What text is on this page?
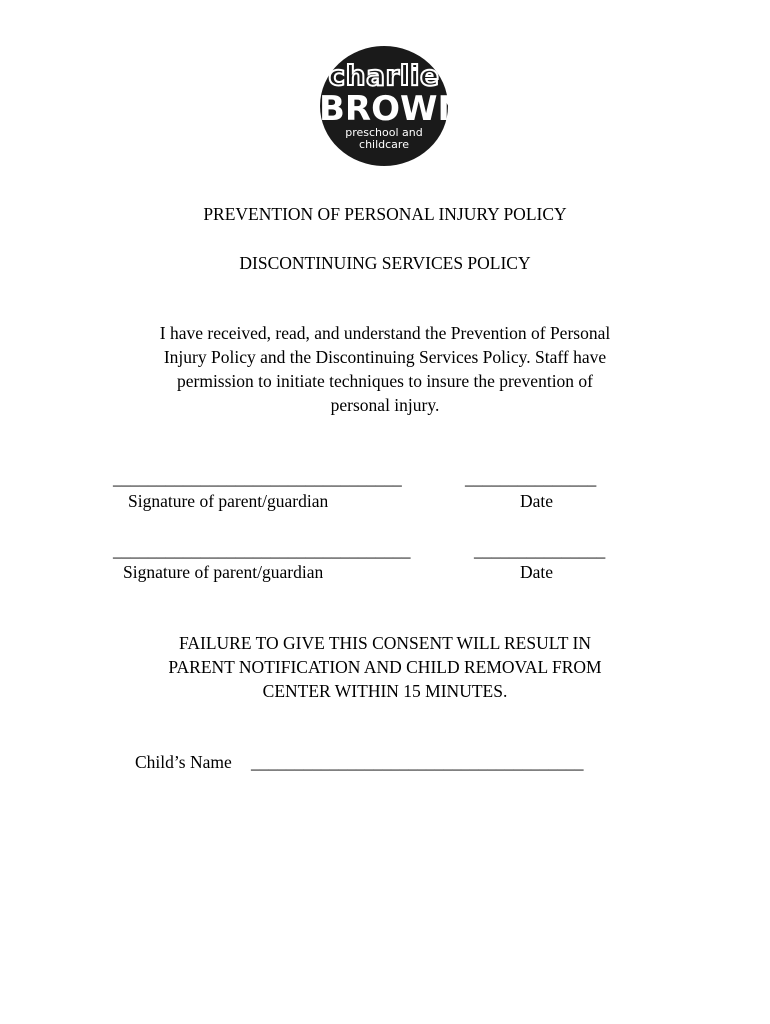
charlie
BROWN
preschool and
childcare
PREVENTION OF PERSONAL INJURY POLICY
DISCONTINUING SERVICES POLICY
I have received, read, and understand the Prevention of Personal
Injury Policy and the Discontinuing Services Policy. Staff have
permission to initiate techniques to insure the prevention of
personal injury.
_________________________________	_______________
Signature of parent/guardian	Date
__________________________________	_______________
Signature of parent/guardian	Date
FAILURE TO GIVE THIS CONSENT WILL RESULT IN
PARENT NOTIFICATION AND CHILD REMOVAL FROM
CENTER WITHIN 15 MINUTES.
Child’s Name ______________________________________
